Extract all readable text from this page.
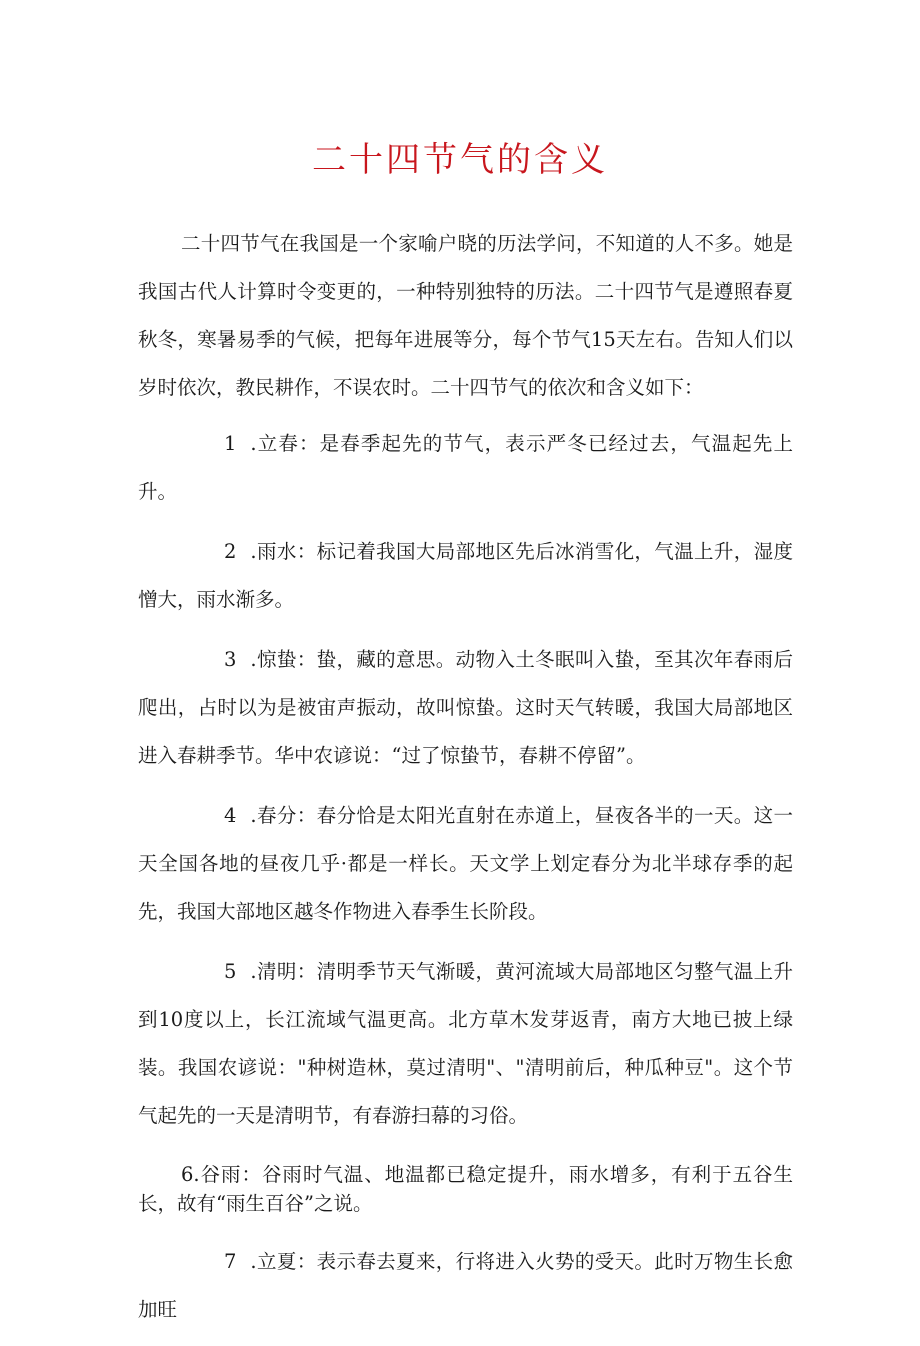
二十四节气的含义

二十四节气在我国是一个家喻户晓的历法学问，不知道的人不多。她是我国古代人计算时令变更的，一种特别独特的历法。二十四节气是遵照春夏秋冬，寒暑易季的气候，把每年进展等分，每个节气15天左右。告知人们以岁时依次，教民耕作，不误农时。二十四节气的依次和含义如下：

1 .立春：是春季起先的节气，表示严冬已经过去，气温起先上升。

2 .雨水：标记着我国大局部地区先后冰消雪化，气温上升，湿度憎大，雨水渐多。

3 .惊蛰：蛰，藏的意思。动物入土冬眠叫入蛰，至其次年春雨后爬出，占时以为是被宙声振动，故叫惊蛰。这时天气转暖，我国大局部地区进入春耕季节。华中农谚说：“过了惊蛰节，春耕不停留”。

4 .春分：春分恰是太阳光直射在赤道上，昼夜各半的一天。这一天全国各地的昼夜几乎·都是一样长。天文学上划定春分为北半球存季的起先，我国大部地区越冬作物进入春季生长阶段。

5 .清明：清明季节天气渐暖，黄河流域大局部地区匀整气温上升到10度以上，长江流域气温更高。北方草木发芽返青，南方大地已披上绿装。我国农谚说："种树造林，莫过清明"、"清明前后，种瓜种豆"。这个节气起先的一天是清明节，有春游扫幕的习俗。

6.谷雨：谷雨时气温、地温都已稳定提升，雨水增多，有利于五谷生长，故有“雨生百谷”之说。

7 .立夏：表示春去夏来，行将进入火势的受天。此时万物生长愈加旺
